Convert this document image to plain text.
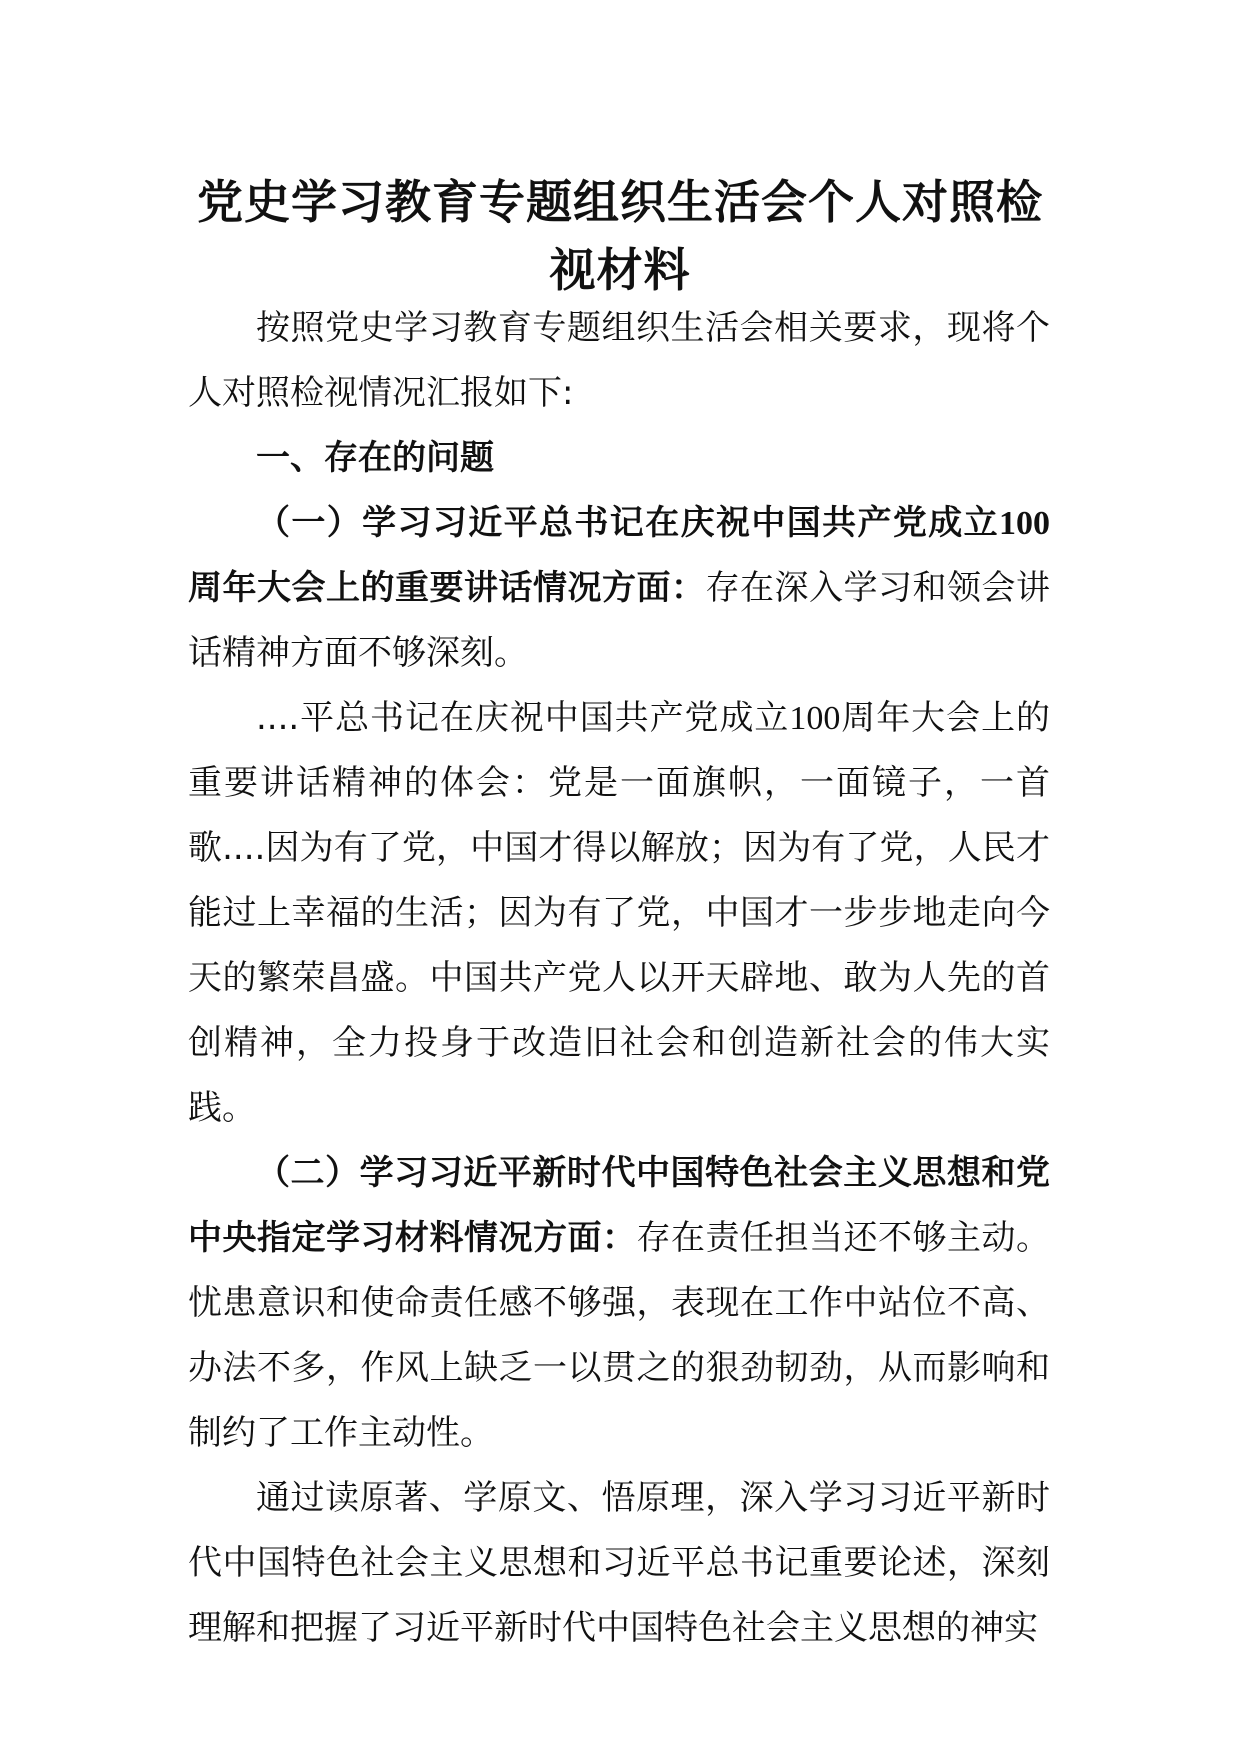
党史学习教育专题组织生活会个人对照检
视材料

按照党史学习教育专题组织生活会相关要求，现将个人对照检视情况汇报如下:

一、存在的问题

（一）学习习近平总书记在庆祝中国共产党成立100周年大会上的重要讲话情况方面：存在深入学习和领会讲话精神方面不够深刻。

....平总书记在庆祝中国共产党成立100周年大会上的重要讲话精神的体会：党是一面旗帜，一面镜子，一首歌....因为有了党，中国才得以解放；因为有了党，人民才能过上幸福的生活；因为有了党，中国才一步步地走向今天的繁荣昌盛。中国共产党人以开天辟地、敢为人先的首创精神，全力投身于改造旧社会和创造新社会的伟大实践。

（二）学习习近平新时代中国特色社会主义思想和党中央指定学习材料情况方面：存在责任担当还不够主动。忧患意识和使命责任感不够强，表现在工作中站位不高、办法不多，作风上缺乏一以贯之的狠劲韧劲，从而影响和制约了工作主动性。

通过读原著、学原文、悟原理，深入学习习近平新时代中国特色社会主义思想和习近平总书记重要论述，深刻理解和把握了习近平新时代中国特色社会主义思想的神实
